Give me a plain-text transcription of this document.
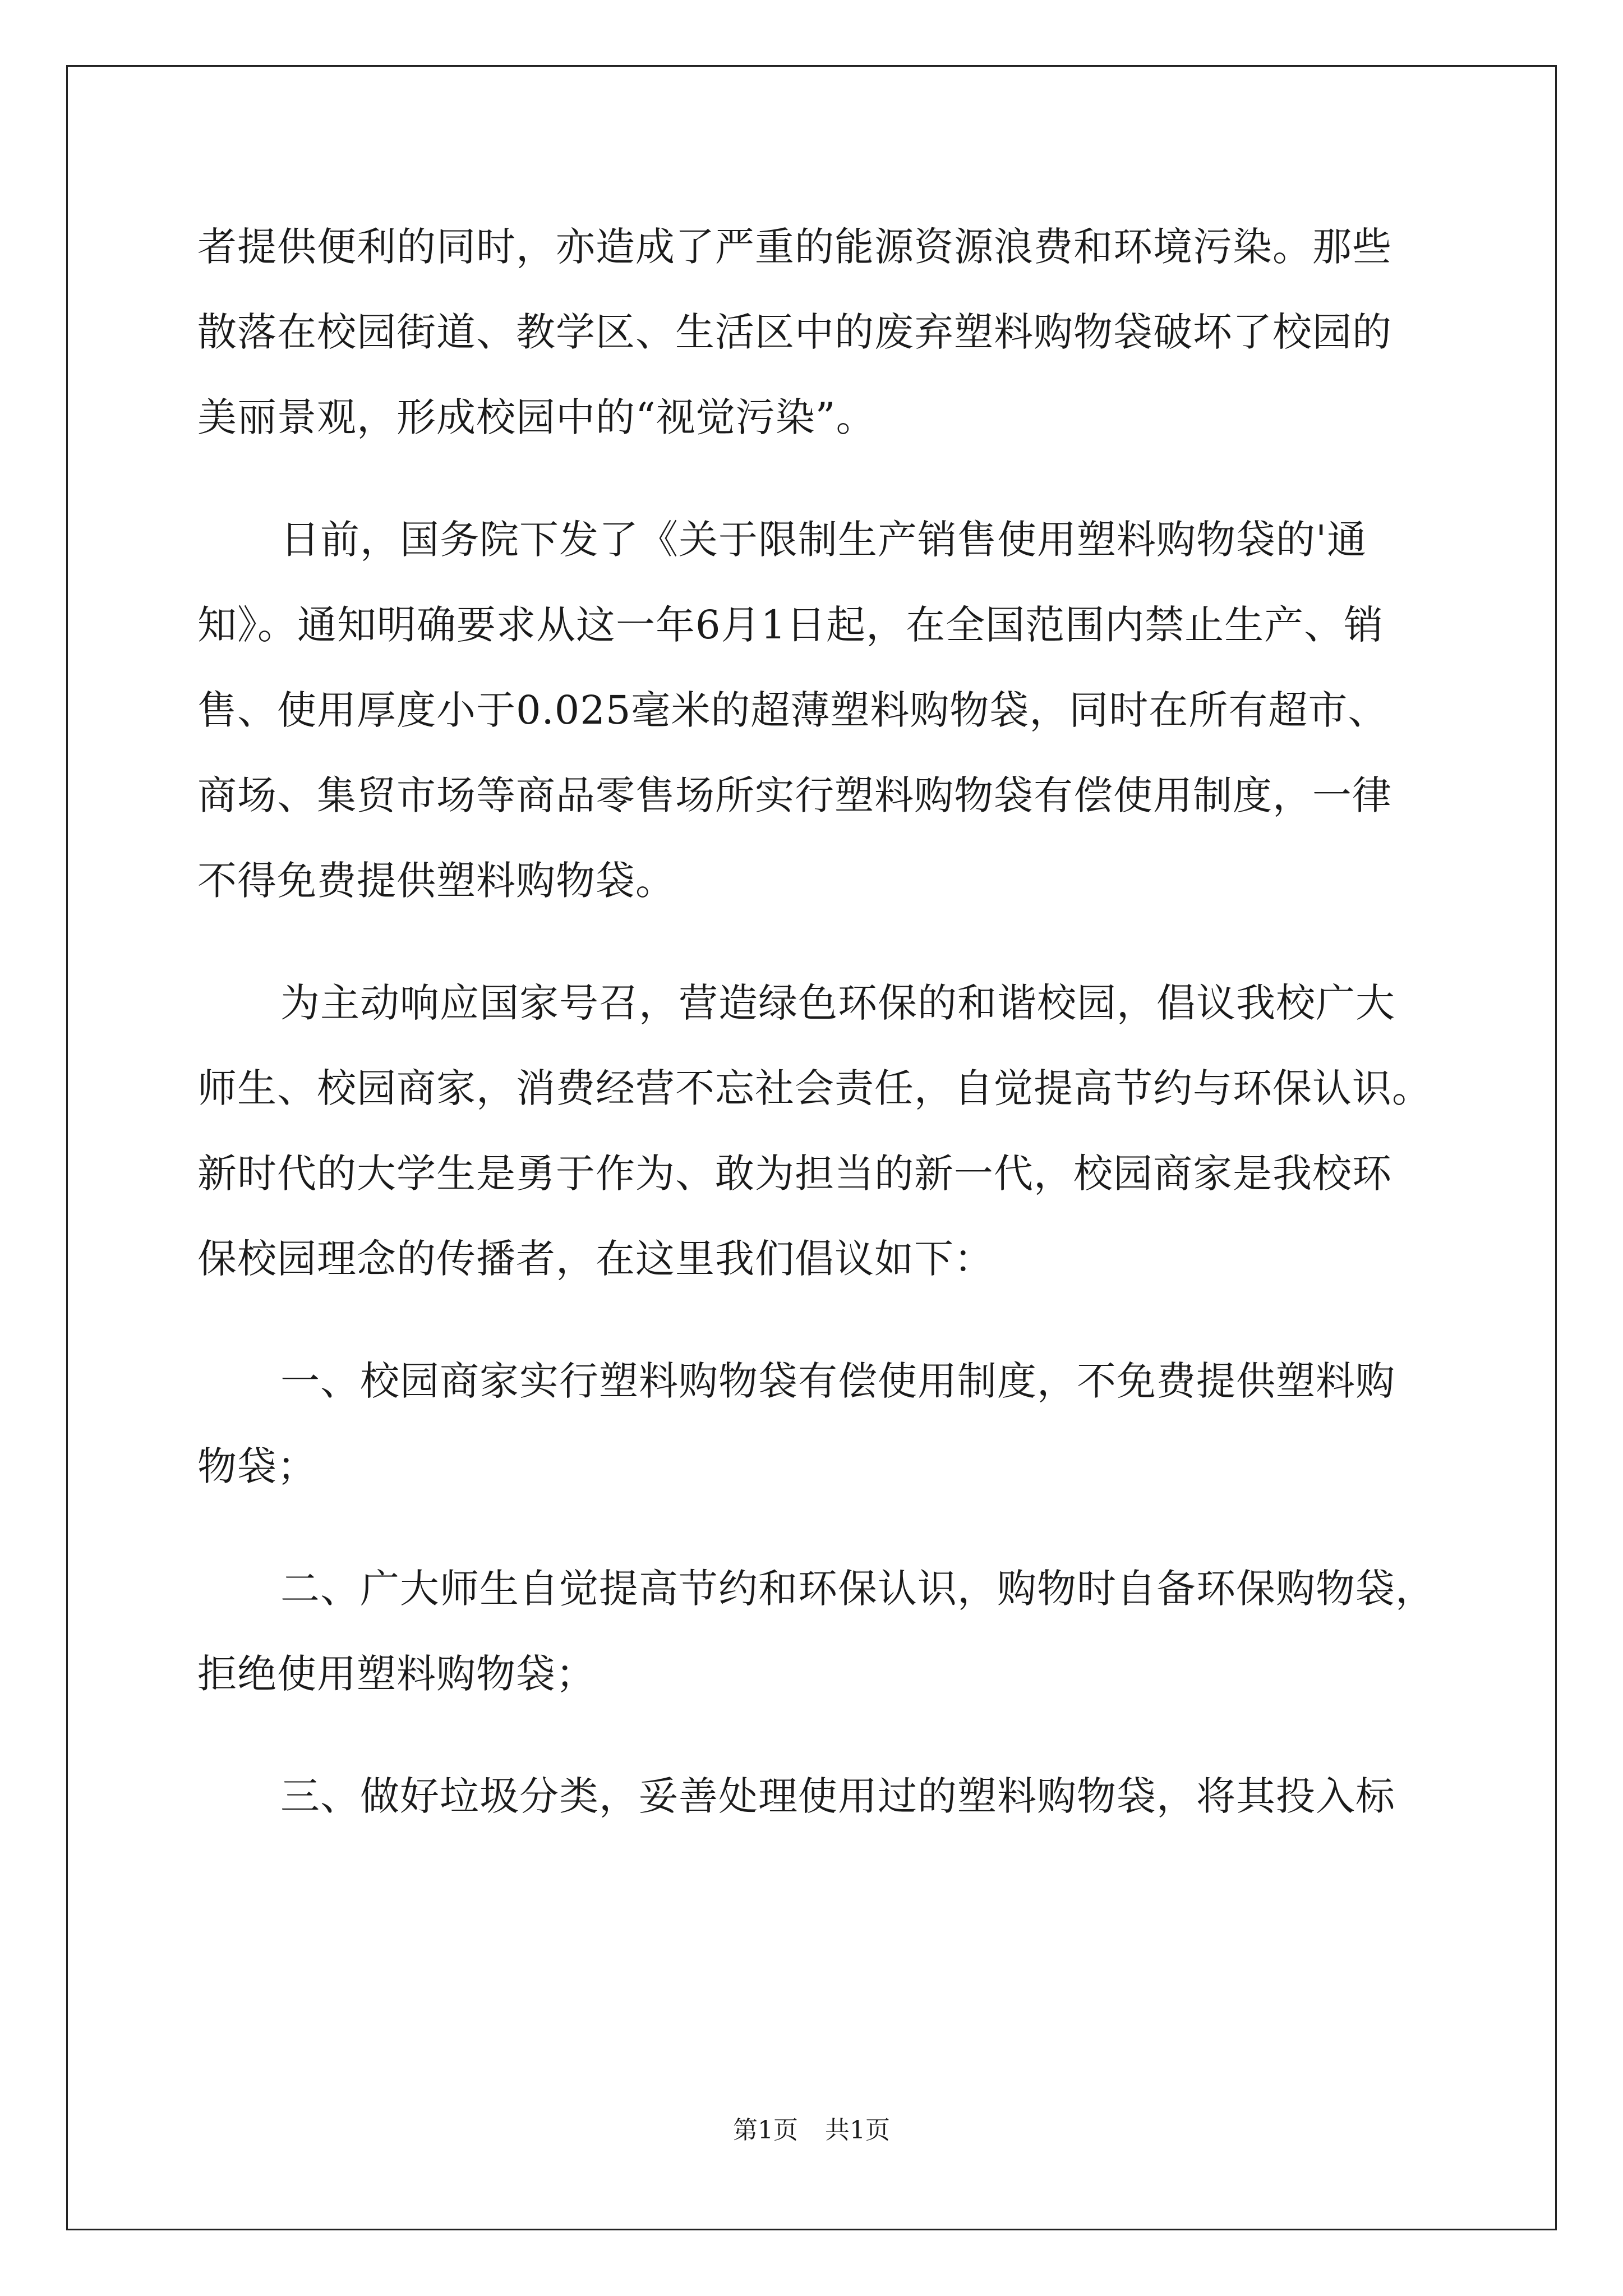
者提供便利的同时，亦造成了严重的能源资源浪费和环境污染。那些
散落在校园街道、教学区、生活区中的废弃塑料购物袋破坏了校园的
美丽景观，形成校园中的“视觉污染”。
日前，国务院下发了《关于限制生产销售使用塑料购物袋的'通
知》。通知明确要求从这一年6月1日起，在全国范围内禁止生产、销
售、使用厚度小于0.025毫米的超薄塑料购物袋，同时在所有超市、
商场、集贸市场等商品零售场所实行塑料购物袋有偿使用制度，一律
不得免费提供塑料购物袋。
为主动响应国家号召，营造绿色环保的和谐校园，倡议我校广大
师生、校园商家，消费经营不忘社会责任，自觉提高节约与环保认识。
新时代的大学生是勇于作为、敢为担当的新一代，校园商家是我校环
保校园理念的传播者，在这里我们倡议如下：
一、校园商家实行塑料购物袋有偿使用制度，不免费提供塑料购
物袋；
二、广大师生自觉提高节约和环保认识，购物时自备环保购物袋，
拒绝使用塑料购物袋；
三、做好垃圾分类，妥善处理使用过的塑料购物袋，将其投入标
第1页 共1页
